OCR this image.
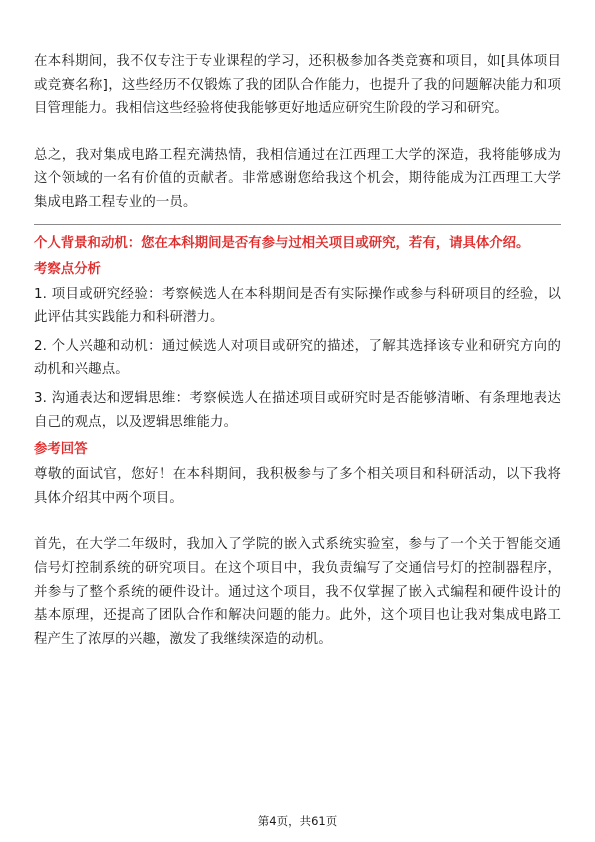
在本科期间，我不仅专注于专业课程的学习，还积极参加各类竞赛和项目，如[具体项目或竞赛名称]，这些经历不仅锻炼了我的团队合作能力，也提升了我的问题解决能力和项目管理能力。我相信这些经验将使我能够更好地适应研究生阶段的学习和研究。

总之，我对集成电路工程充满热情，我相信通过在江西理工大学的深造，我将能够成为这个领域的一名有价值的贡献者。非常感谢您给我这个机会，期待能成为江西理工大学集成电路工程专业的一员。

个人背景和动机：您在本科期间是否有参与过相关项目或研究，若有，请具体介绍。
考察点分析

1. 项目或研究经验：考察候选人在本科期间是否有实际操作或参与科研项目的经验，以此评估其实践能力和科研潜力。

2. 个人兴趣和动机：通过候选人对项目或研究的描述，了解其选择该专业和研究方向的动机和兴趣点。

3. 沟通表达和逻辑思维：考察候选人在描述项目或研究时是否能够清晰、有条理地表达自己的观点，以及逻辑思维能力。

参考回答

尊敬的面试官，您好！在本科期间，我积极参与了多个相关项目和科研活动，以下我将具体介绍其中两个项目。

首先，在大学二年级时，我加入了学院的嵌入式系统实验室，参与了一个关于智能交通信号灯控制系统的研究项目。在这个项目中，我负责编写了交通信号灯的控制器程序，并参与了整个系统的硬件设计。通过这个项目，我不仅掌握了嵌入式编程和硬件设计的基本原理，还提高了团队合作和解决问题的能力。此外，这个项目也让我对集成电路工程产生了浓厚的兴趣，激发了我继续深造的动机。

第4页，共61页
